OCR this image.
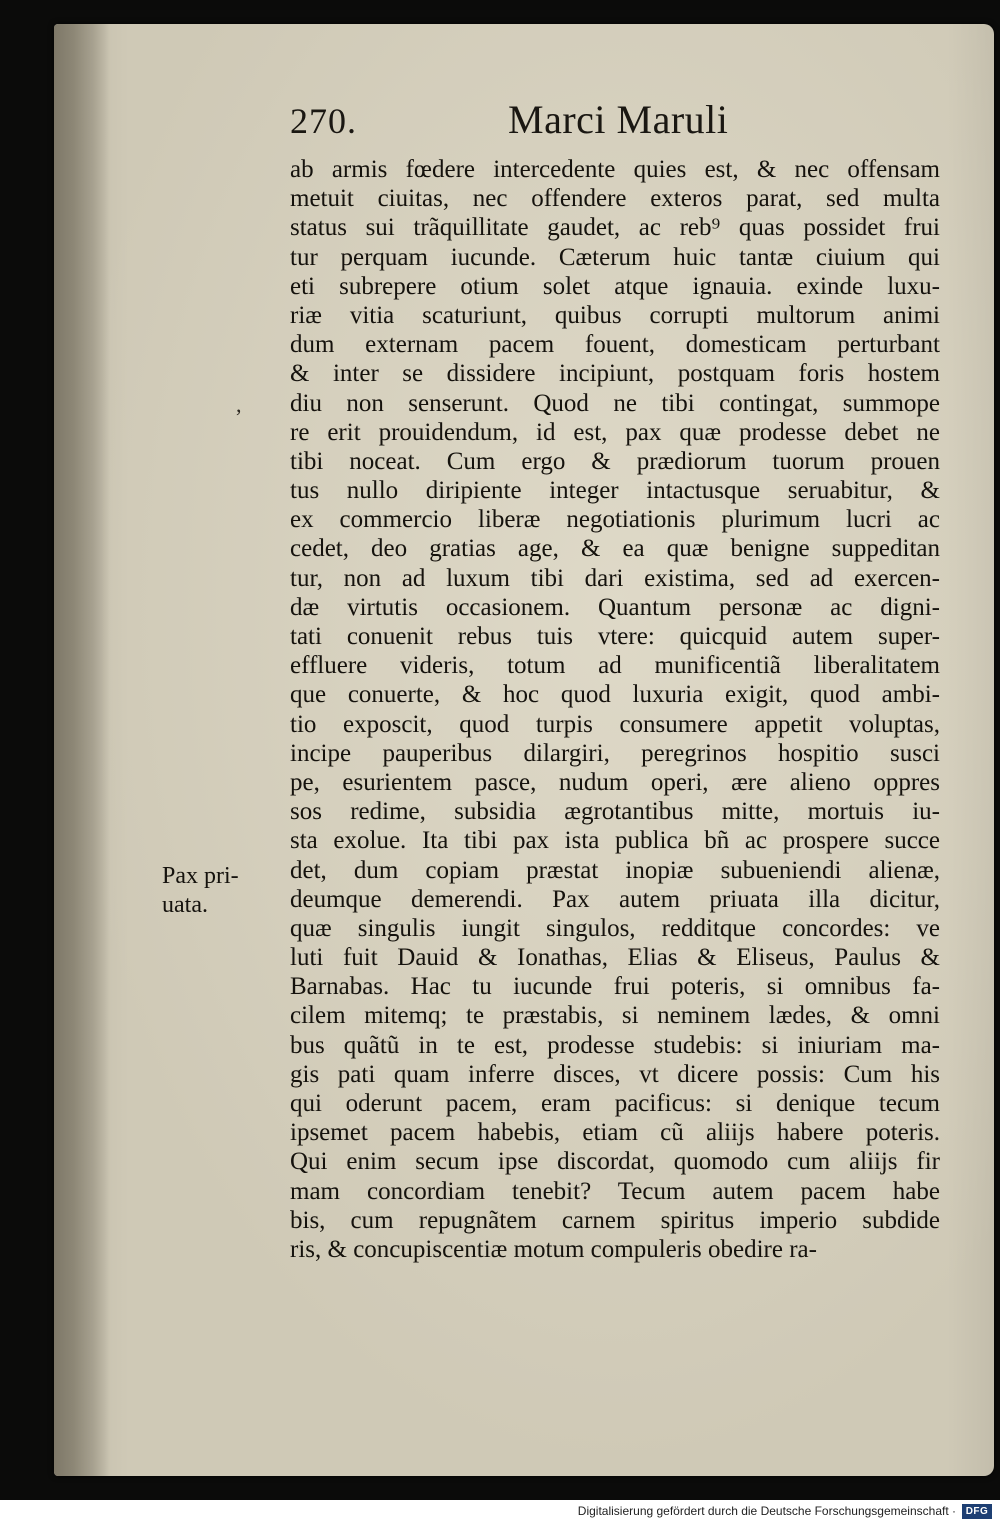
270.	Marci Maruli
,
Pax pri-
uata.
ab armis fœdere intercedente quies est, & nec offensam
metuit ciuitas, nec offendere exteros parat, sed multa
status sui trãquillitate gaudet, ac reb⁹ quas possidet frui
tur perquam iucunde. Cæterum huic tantæ ciuium qui
eti subrepere otium solet atque ignauia. exinde luxu-
riæ vitia scaturiunt, quibus corrupti multorum animi
dum externam pacem fouent, domesticam perturbant
& inter se dissidere incipiunt, postquam foris hostem
diu non senserunt. Quod ne tibi contingat, summope
re erit prouidendum, id est, pax quæ prodesse debet ne
tibi noceat. Cum ergo & prædiorum tuorum prouen
tus nullo diripiente integer intactusque seruabitur, &
ex commercio liberæ negotiationis plurimum lucri ac
cedet, deo gratias age, & ea quæ benigne suppeditan
tur, non ad luxum tibi dari existima, sed ad exercen-
dæ virtutis occasionem. Quantum personæ ac digni-
tati conuenit rebus tuis vtere: quicquid autem super-
effluere videris, totum ad munificentiã liberalitatem
que conuerte, & hoc quod luxuria exigit, quod ambi-
tio exposcit, quod turpis consumere appetit voluptas,
incipe pauperibus dilargiri, peregrinos hospitio susci
pe, esurientem pasce, nudum operi, ære alieno oppres
sos redime, subsidia ægrotantibus mitte, mortuis iu-
sta exolue. Ita tibi pax ista publica bñ ac prospere succe
det, dum copiam præstat inopiæ subueniendi alienæ,
deumque demerendi. Pax autem priuata illa dicitur,
quæ singulis iungit singulos, redditque concordes: ve
luti fuit Dauid & Ionathas, Elias & Eliseus, Paulus &
Barnabas. Hac tu iucunde frui poteris, si omnibus fa-
cilem mitemq; te præstabis, si neminem lædes, & omni
bus quãtũ in te est, prodesse studebis: si iniuriam ma-
gis pati quam inferre disces, vt dicere possis: Cum his
qui oderunt pacem, eram pacificus: si denique tecum
ipsemet pacem habebis, etiam cũ aliĳs habere poteris.
Qui enim secum ipse discordat, quomodo cum aliĳs fir
mam concordiam tenebit? Tecum autem pacem habe
bis, cum repugnãtem carnem spiritus imperio subdide
ris, & concupiscentiæ motum compuleris obedire ra-
Digitalisierung gefördert durch die Deutsche Forschungsgemeinschaft · DFG
